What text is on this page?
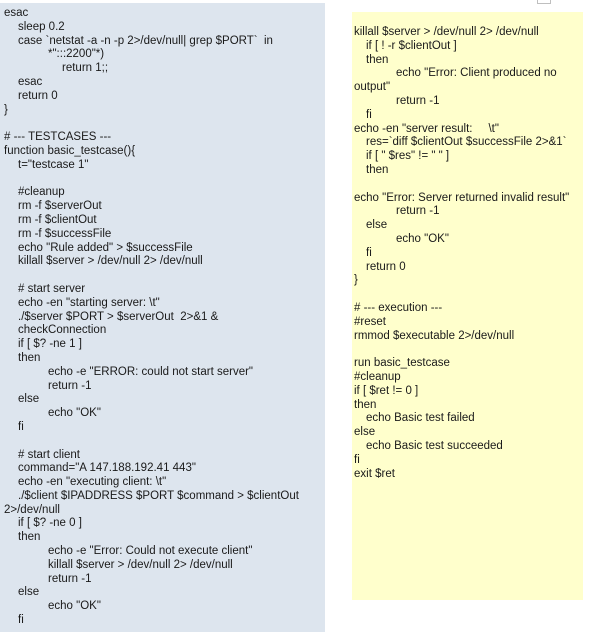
esac
sleep 0.2
case `netstat -a -n -p 2>/dev/null| grep $PORT`  in
*":::2200"*)
return 1;;
esac
return 0
}
# --- TESTCASES ---
function basic_testcase(){
t="testcase 1"
#cleanup
rm -f $serverOut
rm -f $clientOut
rm -f $successFile
echo "Rule added" > $successFile
killall $server > /dev/null 2> /dev/null
# start server
echo -en "starting server: \t"
./$server $PORT > $serverOut  2>&1 &
checkConnection
if [ $? -ne 1 ]
then
echo -e "ERROR: could not start server"
return -1
else
echo "OK"
fi
# start client
command="A 147.188.192.41 443"
echo -en "executing client: \t"
./$client $IPADDRESS $PORT $command > $clientOut
2>/dev/null
if [ $? -ne 0 ]
then
echo -e "Error: Could not execute client"
killall $server > /dev/null 2> /dev/null
return -1
else
echo "OK"
fi
killall $server > /dev/null 2> /dev/null
if [ ! -r $clientOut ]
then
echo "Error: Client produced no
output"
return -1
fi
echo -en "server result:     \t"
res=`diff $clientOut $successFile 2>&1`
if [ " $res" != " " ]
then
echo "Error: Server returned invalid result"
return -1
else
echo "OK"
fi
return 0
}
# --- execution ---
#reset
rmmod $executable 2>/dev/null
run basic_testcase
#cleanup
if [ $ret != 0 ]
then
echo Basic test failed
else
echo Basic test succeeded
fi
exit $ret
